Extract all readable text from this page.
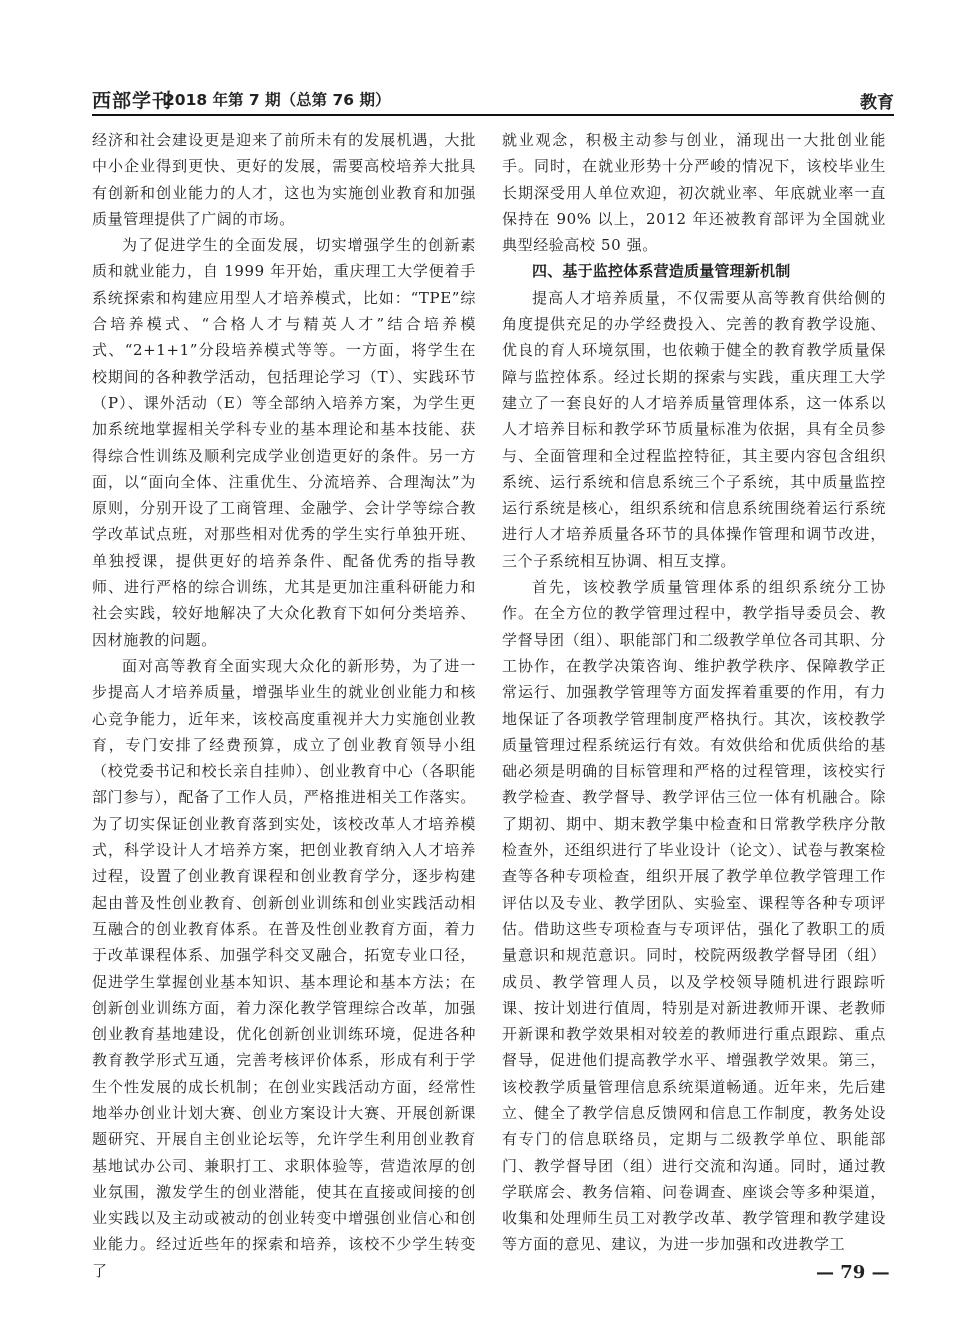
西部学刊
2018 年第 7 期（总第 76 期）	教育

经济和社会建设更是迎来了前所未有的发展机遇，大批中小企业得到更快、更好的发展，需要高校培养大批具有创新和创业能力的人才，这也为实施创业教育和加强质量管理提供了广阔的市场。

为了促进学生的全面发展，切实增强学生的创新素质和就业能力，自 1999 年开始，重庆理工大学便着手系统探索和构建应用型人才培养模式，比如：“TPE”综合培养模式、“合格人才与精英人才”结合培养模式、“2+1+1”分段培养模式等等。一方面，将学生在校期间的各种教学活动，包括理论学习（T）、实践环节（P）、课外活动（E）等全部纳入培养方案，为学生更加系统地掌握相关学科专业的基本理论和基本技能、获得综合性训练及顺利完成学业创造更好的条件。另一方面，以“面向全体、注重优生、分流培养、合理淘汰”为原则，分别开设了工商管理、金融学、会计学等综合教学改革试点班，对那些相对优秀的学生实行单独开班、单独授课，提供更好的培养条件、配备优秀的指导教师、进行严格的综合训练，尤其是更加注重科研能力和社会实践，较好地解决了大众化教育下如何分类培养、因材施教的问题。

面对高等教育全面实现大众化的新形势，为了进一步提高人才培养质量，增强毕业生的就业创业能力和核心竞争能力，近年来，该校高度重视并大力实施创业教育，专门安排了经费预算，成立了创业教育领导小组（校党委书记和校长亲自挂帅）、创业教育中心（各职能部门参与），配备了工作人员，严格推进相关工作落实。为了切实保证创业教育落到实处，该校改革人才培养模式，科学设计人才培养方案，把创业教育纳入人才培养过程，设置了创业教育课程和创业教育学分，逐步构建起由普及性创业教育、创新创业训练和创业实践活动相互融合的创业教育体系。在普及性创业教育方面，着力于改革课程体系、加强学科交叉融合，拓宽专业口径，促进学生掌握创业基本知识、基本理论和基本方法；在创新创业训练方面，着力深化教学管理综合改革，加强创业教育基地建设，优化创新创业训练环境，促进各种教育教学形式互通，完善考核评价体系，形成有利于学生个性发展的成长机制；在创业实践活动方面，经常性地举办创业计划大赛、创业方案设计大赛、开展创新课题研究、开展自主创业论坛等，允许学生利用创业教育基地试办公司、兼职打工、求职体验等，营造浓厚的创业氛围，激发学生的创业潜能，使其在直接或间接的创业实践以及主动或被动的创业转变中增强创业信心和创业能力。经过近些年的探索和培养，该校不少学生转变了

就业观念，积极主动参与创业，涌现出一大批创业能手。同时，在就业形势十分严峻的情况下，该校毕业生长期深受用人单位欢迎，初次就业率、年底就业率一直保持在 90% 以上，2012 年还被教育部评为全国就业典型经验高校 50 强。

四、基于监控体系营造质量管理新机制

提高人才培养质量，不仅需要从高等教育供给侧的角度提供充足的办学经费投入、完善的教育教学设施、优良的育人环境氛围，也依赖于健全的教育教学质量保障与监控体系。经过长期的探索与实践，重庆理工大学建立了一套良好的人才培养质量管理体系，这一体系以人才培养目标和教学环节质量标准为依据，具有全员参与、全面管理和全过程监控特征，其主要内容包含组织系统、运行系统和信息系统三个子系统，其中质量监控运行系统是核心，组织系统和信息系统围绕着运行系统进行人才培养质量各环节的具体操作管理和调节改进，三个子系统相互协调、相互支撑。

首先，该校教学质量管理体系的组织系统分工协作。在全方位的教学管理过程中，教学指导委员会、教学督导团（组）、职能部门和二级教学单位各司其职、分工协作，在教学决策咨询、维护教学秩序、保障教学正常运行、加强教学管理等方面发挥着重要的作用，有力地保证了各项教学管理制度严格执行。其次，该校教学质量管理过程系统运行有效。有效供给和优质供给的基础必须是明确的目标管理和严格的过程管理，该校实行教学检查、教学督导、教学评估三位一体有机融合。除了期初、期中、期末教学集中检查和日常教学秩序分散检查外，还组织进行了毕业设计（论文）、试卷与教案检查等各种专项检查，组织开展了教学单位教学管理工作评估以及专业、教学团队、实验室、课程等各种专项评估。借助这些专项检查与专项评估，强化了教职工的质量意识和规范意识。同时，校院两级教学督导团（组）成员、教学管理人员，以及学校领导随机进行跟踪听课、按计划进行值周，特别是对新进教师开课、老教师开新课和教学效果相对较差的教师进行重点跟踪、重点督导，促进他们提高教学水平、增强教学效果。第三，该校教学质量管理信息系统渠道畅通。近年来，先后建立、健全了教学信息反馈网和信息工作制度，教务处设有专门的信息联络员，定期与二级教学单位、职能部门、教学督导团（组）进行交流和沟通。同时，通过教学联席会、教务信箱、问卷调查、座谈会等多种渠道，收集和处理师生员工对教学改革、教学管理和教学建设等方面的意见、建议，为进一步加强和改进教学工

— 79 —
